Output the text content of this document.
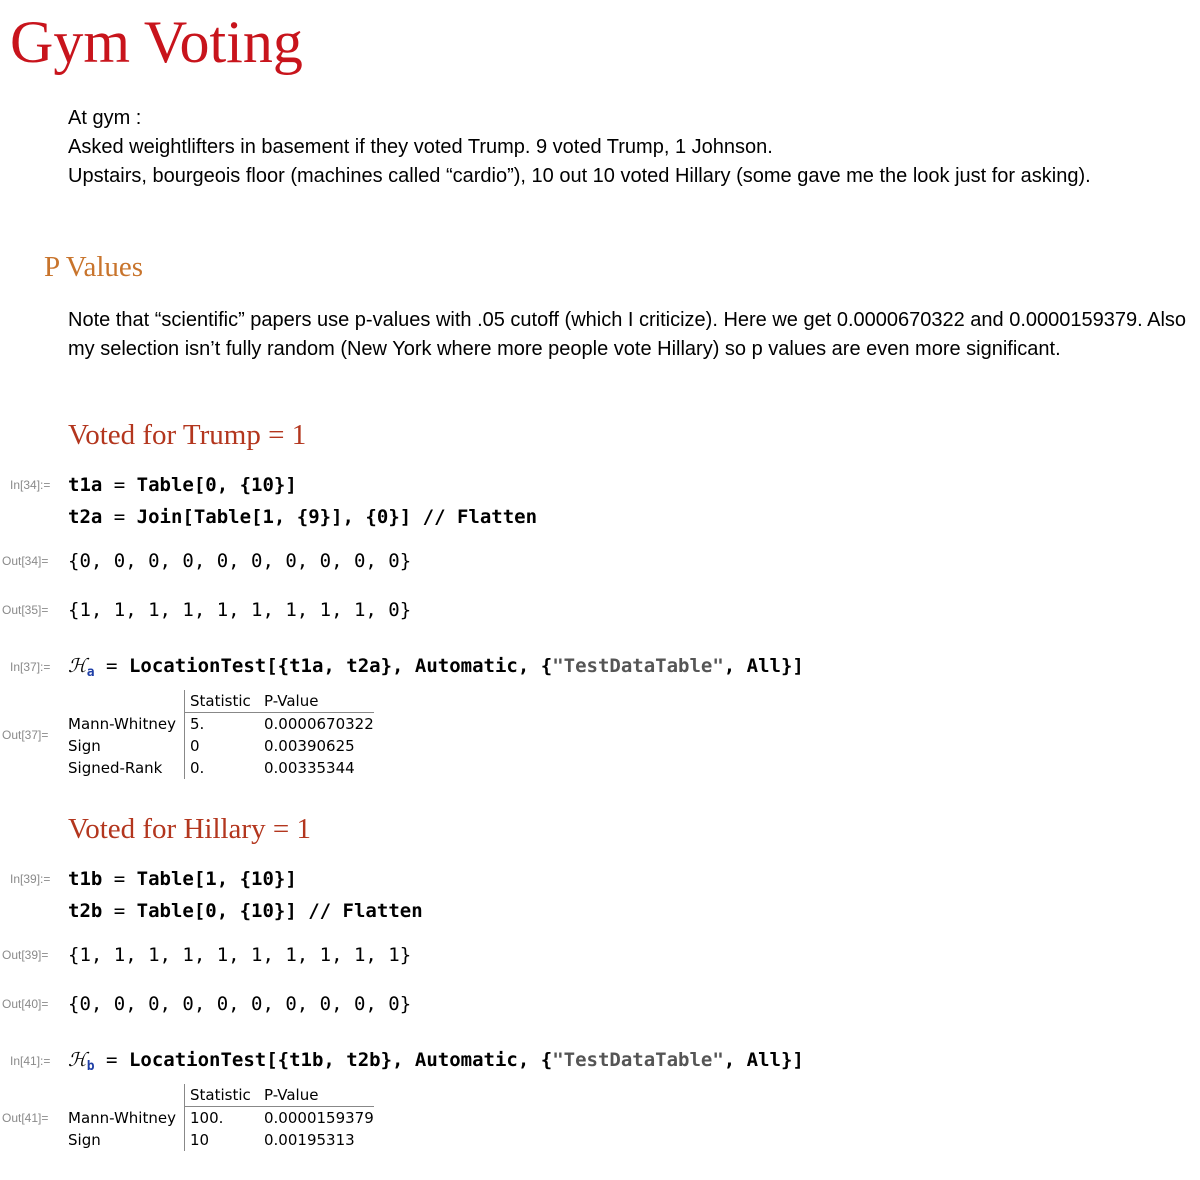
Gym Voting
At gym :
Asked weightlifters in basement if they voted Trump. 9 voted Trump, 1 Johnson.
Upstairs, bourgeois floor (machines called “cardio”), 10 out 10 voted Hillary (some gave me the look just for asking).
P Values
Note that “scientific” papers use p-values with .05 cutoff (which I criticize). Here we get 0.0000670322 and 0.0000159379. Also my selection isn’t fully random (New York where more people vote Hillary) so p values are even more significant.
Voted for Trump = 1
In[34]:= t1a = Table[0, {10}]
t2a = Join[Table[1, {9}], {0}] // Flatten
Out[34]=	{0, 0, 0, 0, 0, 0, 0, 0, 0, 0}
Out[35]=	{1, 1, 1, 1, 1, 1, 1, 1, 1, 0}
In[37]:= ℋ$_a$ = LocationTest[{t1a, t2a}, Automatic, {"TestDataTable", All}]
Out[37]=
	Statistic	P-Value
Mann-Whitney	5.	0.0000670322
Sign	0	0.00390625
Signed-Rank	0.	0.00335344
Voted for Hillary = 1
In[39]:= t1b = Table[1, {10}]
t2b = Table[0, {10}] // Flatten
Out[39]=	{1, 1, 1, 1, 1, 1, 1, 1, 1, 1}
Out[40]=	{0, 0, 0, 0, 0, 0, 0, 0, 0, 0}
In[41]:= ℋ$_b$ = LocationTest[{t1b, t2b}, Automatic, {"TestDataTable", All}]
Out[41]=
	Statistic	P-Value
Mann-Whitney	100.	0.0000159379
Sign	10	0.00195313
